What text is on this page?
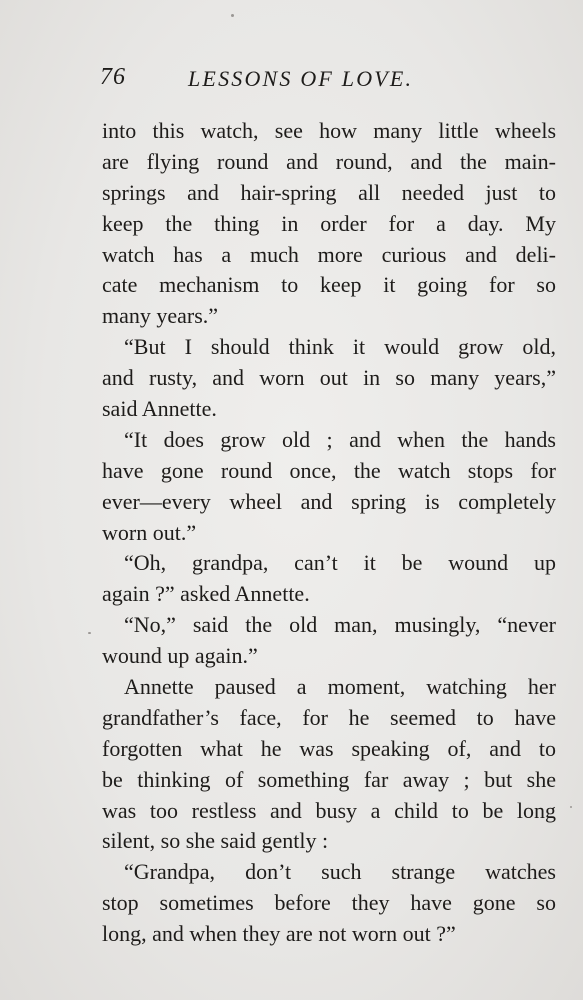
76	LESSONS OF LOVE.
into this watch, see how many little wheels
are flying round and round, and the main-
springs and hair-spring all needed just to
keep the thing in order for a day. My
watch has a much more curious and deli-
cate mechanism to keep it going for so
many years.”
“But I should think it would grow old,
and rusty, and worn out in so many years,”
said Annette.
“It does grow old ; and when the hands
have gone round once, the watch stops for
ever—every wheel and spring is completely
worn out.”
“Oh, grandpa, can’t it be wound up
again ?” asked Annette.
“No,” said the old man, musingly, “never
wound up again.”
Annette paused a moment, watching her
grandfather’s face, for he seemed to have
forgotten what he was speaking of, and to
be thinking of something far away ; but she
was too restless and busy a child to be long
silent, so she said gently :
“Grandpa, don’t such strange watches
stop sometimes before they have gone so
long, and when they are not worn out ?”
